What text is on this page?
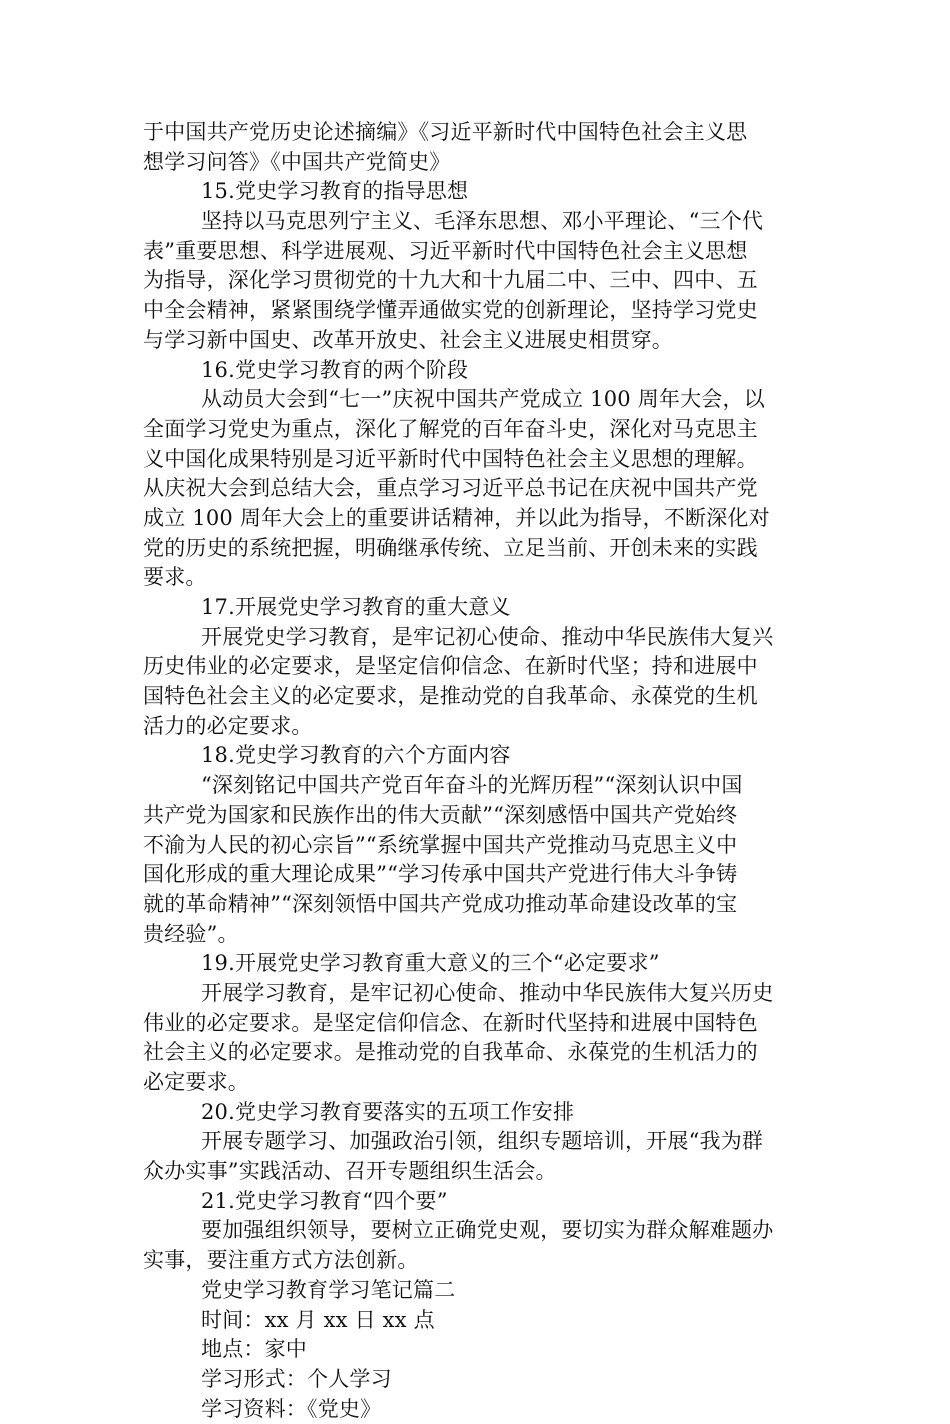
于中国共产党历史论述摘编》《习近平新时代中国特色社会主义思
想学习问答》《中国共产党简史》
15.党史学习教育的指导思想
坚持以马克思列宁主义、毛泽东思想、邓小平理论、“三个代
表”重要思想、科学进展观、习近平新时代中国特色社会主义思想
为指导，深化学习贯彻党的十九大和十九届二中、三中、四中、五
中全会精神，紧紧围绕学懂弄通做实党的创新理论，坚持学习党史
与学习新中国史、改革开放史、社会主义进展史相贯穿。
16.党史学习教育的两个阶段
从动员大会到“七一”庆祝中国共产党成立 100 周年大会，以
全面学习党史为重点，深化了解党的百年奋斗史，深化对马克思主
义中国化成果特别是习近平新时代中国特色社会主义思想的理解。
从庆祝大会到总结大会，重点学习习近平总书记在庆祝中国共产党
成立 100 周年大会上的重要讲话精神，并以此为指导，不断深化对
党的历史的系统把握，明确继承传统、立足当前、开创未来的实践
要求。
17.开展党史学习教育的重大意义
开展党史学习教育，是牢记初心使命、推动中华民族伟大复兴
历史伟业的必定要求，是坚定信仰信念、在新时代坚；持和进展中
国特色社会主义的必定要求，是推动党的自我革命、永葆党的生机
活力的必定要求。
18.党史学习教育的六个方面内容
“深刻铭记中国共产党百年奋斗的光辉历程”“深刻认识中国
共产党为国家和民族作出的伟大贡献”“深刻感悟中国共产党始终
不渝为人民的初心宗旨”“系统掌握中国共产党推动马克思主义中
国化形成的重大理论成果”“学习传承中国共产党进行伟大斗争铸
就的革命精神”“深刻领悟中国共产党成功推动革命建设改革的宝
贵经验”。
19.开展党史学习教育重大意义的三个“必定要求”
开展学习教育，是牢记初心使命、推动中华民族伟大复兴历史
伟业的必定要求。是坚定信仰信念、在新时代坚持和进展中国特色
社会主义的必定要求。是推动党的自我革命、永葆党的生机活力的
必定要求。
20.党史学习教育要落实的五项工作安排
开展专题学习、加强政治引领，组织专题培训，开展“我为群
众办实事”实践活动、召开专题组织生活会。
21.党史学习教育“四个要”
要加强组织领导，要树立正确党史观，要切实为群众解难题办
实事，要注重方式方法创新。
党史学习教育学习笔记篇二
时间：xx 月 xx 日 xx 点
地点：家中
学习形式：个人学习
学习资料：《党史》
